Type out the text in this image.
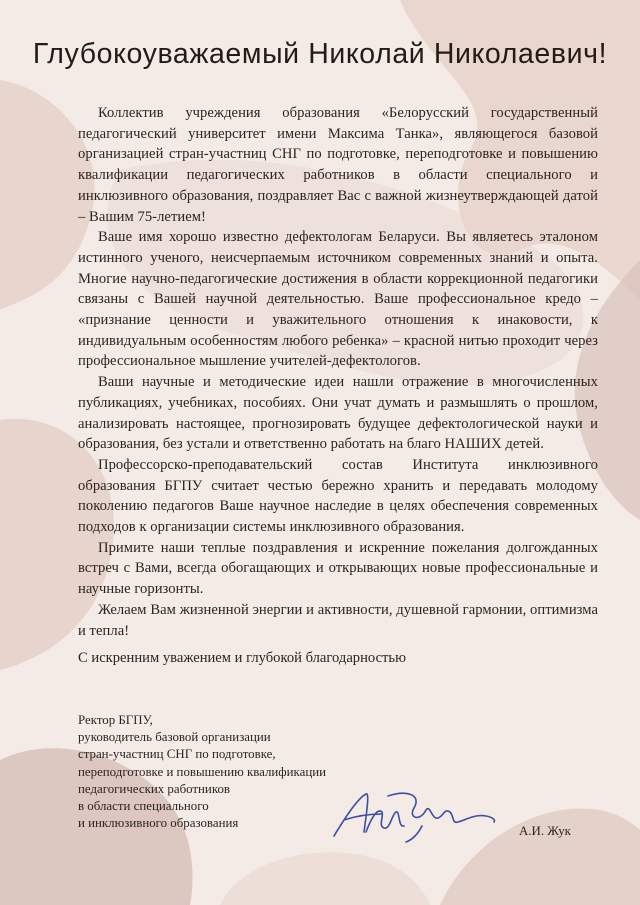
Глубокоуважаемый Николай Николаевич!

Коллектив учреждения образования «Белорусский государственный педагогический университет имени Максима Танка», являющегося базовой организацией стран-участниц СНГ по подготовке, переподготовке и повышению квалификации педагогических работников в области специального и инклюзивного образования, поздравляет Вас с важной жизнеутверждающей датой – Вашим 75-летием!

Ваше имя хорошо известно дефектологам Беларуси. Вы являетесь эталоном истинного ученого, неисчерпаемым источником современных знаний и опыта. Многие научно-педагогические достижения в области коррекционной педагогики связаны с Вашей научной деятельностью. Ваше профессиональное кредо – «признание ценности и уважительного отношения к инаковости, к индивидуальным особенностям любого ребенка» – красной нитью проходит через профессиональное мышление учителей-дефектологов.

Ваши научные и методические идеи нашли отражение в многочисленных публикациях, учебниках, пособиях. Они учат думать и размышлять о прошлом, анализировать настоящее, прогнозировать будущее дефектологической науки и образования, без устали и ответственно работать на благо НАШИХ детей.

Профессорско-преподавательский состав Института инклюзивного образования БГПУ считает честью бережно хранить и передавать молодому поколению педагогов Ваше научное наследие в целях обеспечения современных подходов к организации системы инклюзивного образования.

Примите наши теплые поздравления и искренние пожелания долгожданных встреч с Вами, всегда обогащающих и открывающих новые профессиональные и научные горизонты.

Желаем Вам жизненной энергии и активности, душевной гармонии, оптимизма и тепла!

С искренним уважением и глубокой благодарностью

Ректор БГПУ,
руководитель базовой организации
стран-участниц СНГ по подготовке,
переподготовке и повышению квалификации
педагогических работников
в области специального
и инклюзивного образования
А.И. Жук
